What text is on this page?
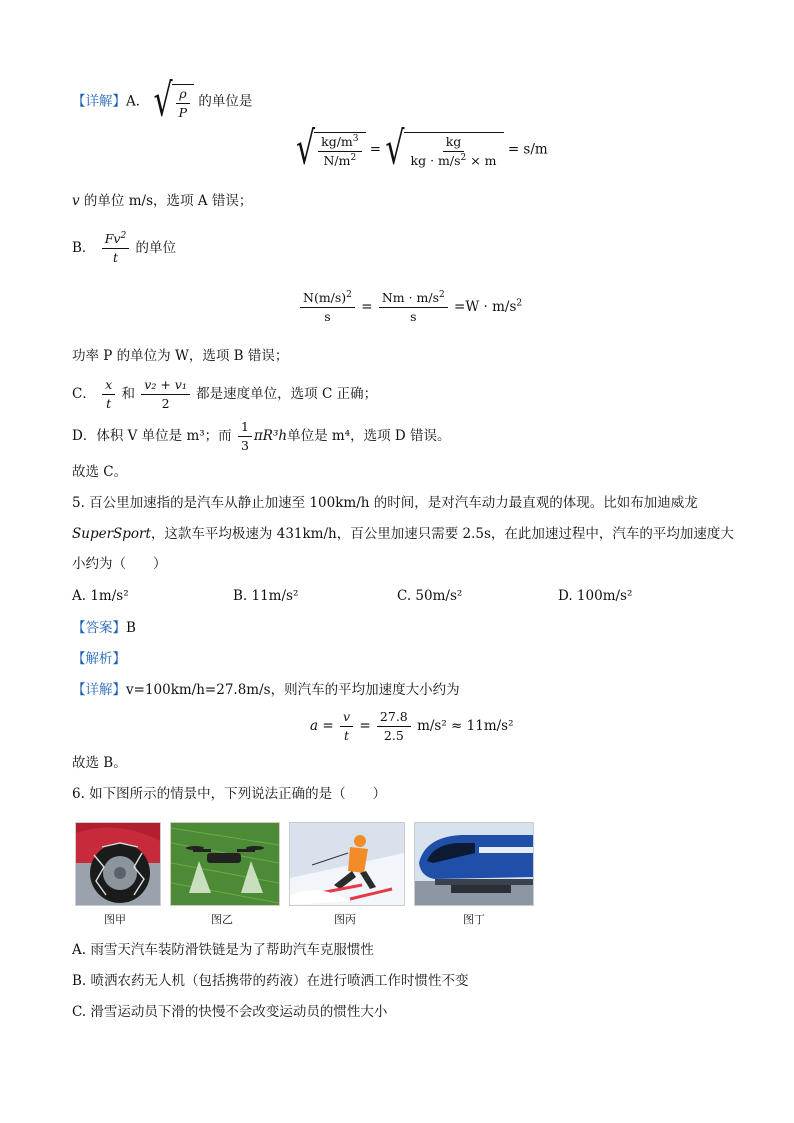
【详解】A． √ $\frac{\rho}{P}$ 的单位是
√ $\frac{kg/m^3}{N/m^2}$ = √ $\frac{kg}{kg \cdot m/s^2 \times m} = s/m$
v 的单位 m/s，选项 A 错误；
B． $\frac{Fv^2}{t}$ 的单位
$\frac{N(m/s)^2}{s} = \frac{Nm \cdot m/s^2}{s} =W \cdot m/s^2$
功率 P 的单位为 W，选项 B 错误；
C． $\frac{x}{t}$ 和 $\frac{\text{v₂ + v₁}}{2}$ 都是速度单位，选项 C 正确；
D．体积 V 单位是 m³；而 $\frac{1}{3} \pi R^3h$单位是 m⁴，选项 D 错误。
故选 C。
5. 百公里加速指的是汽车从静止加速至 100km/h 的时间，是对汽车动力最直观的体现。比如布加迪威龙
SuperSport，这款车平均极速为 431km/h，百公里加速只需要 2.5s，在此加速过程中，汽车的平均加速度大
小约为（　　）
A. 1m/s²	B. 11m/s²	C. 50m/s²	D. 100m/s²
【答案】B
【解析】
【详解】v=100km/h=27.8m/s，则汽车的平均加速度大小约为
$a = \frac{v}{t} = \frac{27.8}{2.5} m/s^2 \approx 11m/s^2$
故选 B。
6. 如下图所示的情景中，下列说法正确的是（　　）
图甲	图乙	图丙	图丁
A. 雨雪天汽车装防滑铁链是为了帮助汽车克服惯性
B. 喷洒农药无人机（包括携带的药液）在进行喷洒工作时惯性不变
C. 滑雪运动员下滑的快慢不会改变运动员的惯性大小
